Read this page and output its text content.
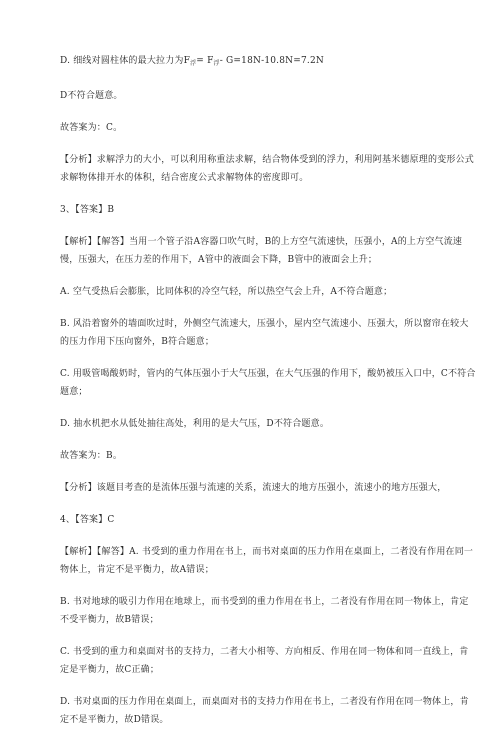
D. 细线对圆柱体的最大拉力为$F_浮= F_浮-$ G=18N-10.8N=7.2N

D不符合题意。

故答案为：C。

【分析】求解浮力的大小，可以利用称重法求解，结合物体受到的浮力，利用阿基米德原理的变形公式求解物体排开水的体积，结合密度公式求解物体的密度即可。

3、【答案】B

【解析】【解答】当用一个管子沿A容器口吹气时，B的上方空气流速快，压强小，A的上方空气流速慢，压强大，在压力差的作用下，A管中的液面会下降，B管中的液面会上升；

A. 空气受热后会膨胀，比同体积的冷空气轻，所以热空气会上升，A不符合题意；

B. 风沿着窗外的墙面吹过时，外侧空气流速大，压强小，屋内空气流速小、压强大，所以窗帘在较大的压力作用下压向窗外，B符合题意；

C. 用吸管喝酸奶时，管内的气体压强小于大气压强，在大气压强的作用下，酸奶被压入口中，C不符合题意；

D. 抽水机把水从低处抽往高处，利用的是大气压，D不符合题意。

故答案为：B。

【分析】该题目考查的是流体压强与流速的关系，流速大的地方压强小，流速小的地方压强大，

4、【答案】C

【解析】【解答】A. 书受到的重力作用在书上，而书对桌面的压力作用在桌面上，二者没有作用在同一物体上，肯定不是平衡力，故A错误；

B. 书对地球的吸引力作用在地球上，而书受到的重力作用在书上，二者没有作用在同一物体上，肯定不受平衡力，故B错误；

C. 书受到的重力和桌面对书的支持力，二者大小相等、方向相反、作用在同一物体和同一直线上，肯定是平衡力，故C正确；

D. 书对桌面的压力作用在桌面上，而桌面对书的支持力作用在书上，二者没有作用在同一物体上，肯定不是平衡力，故D错误。
